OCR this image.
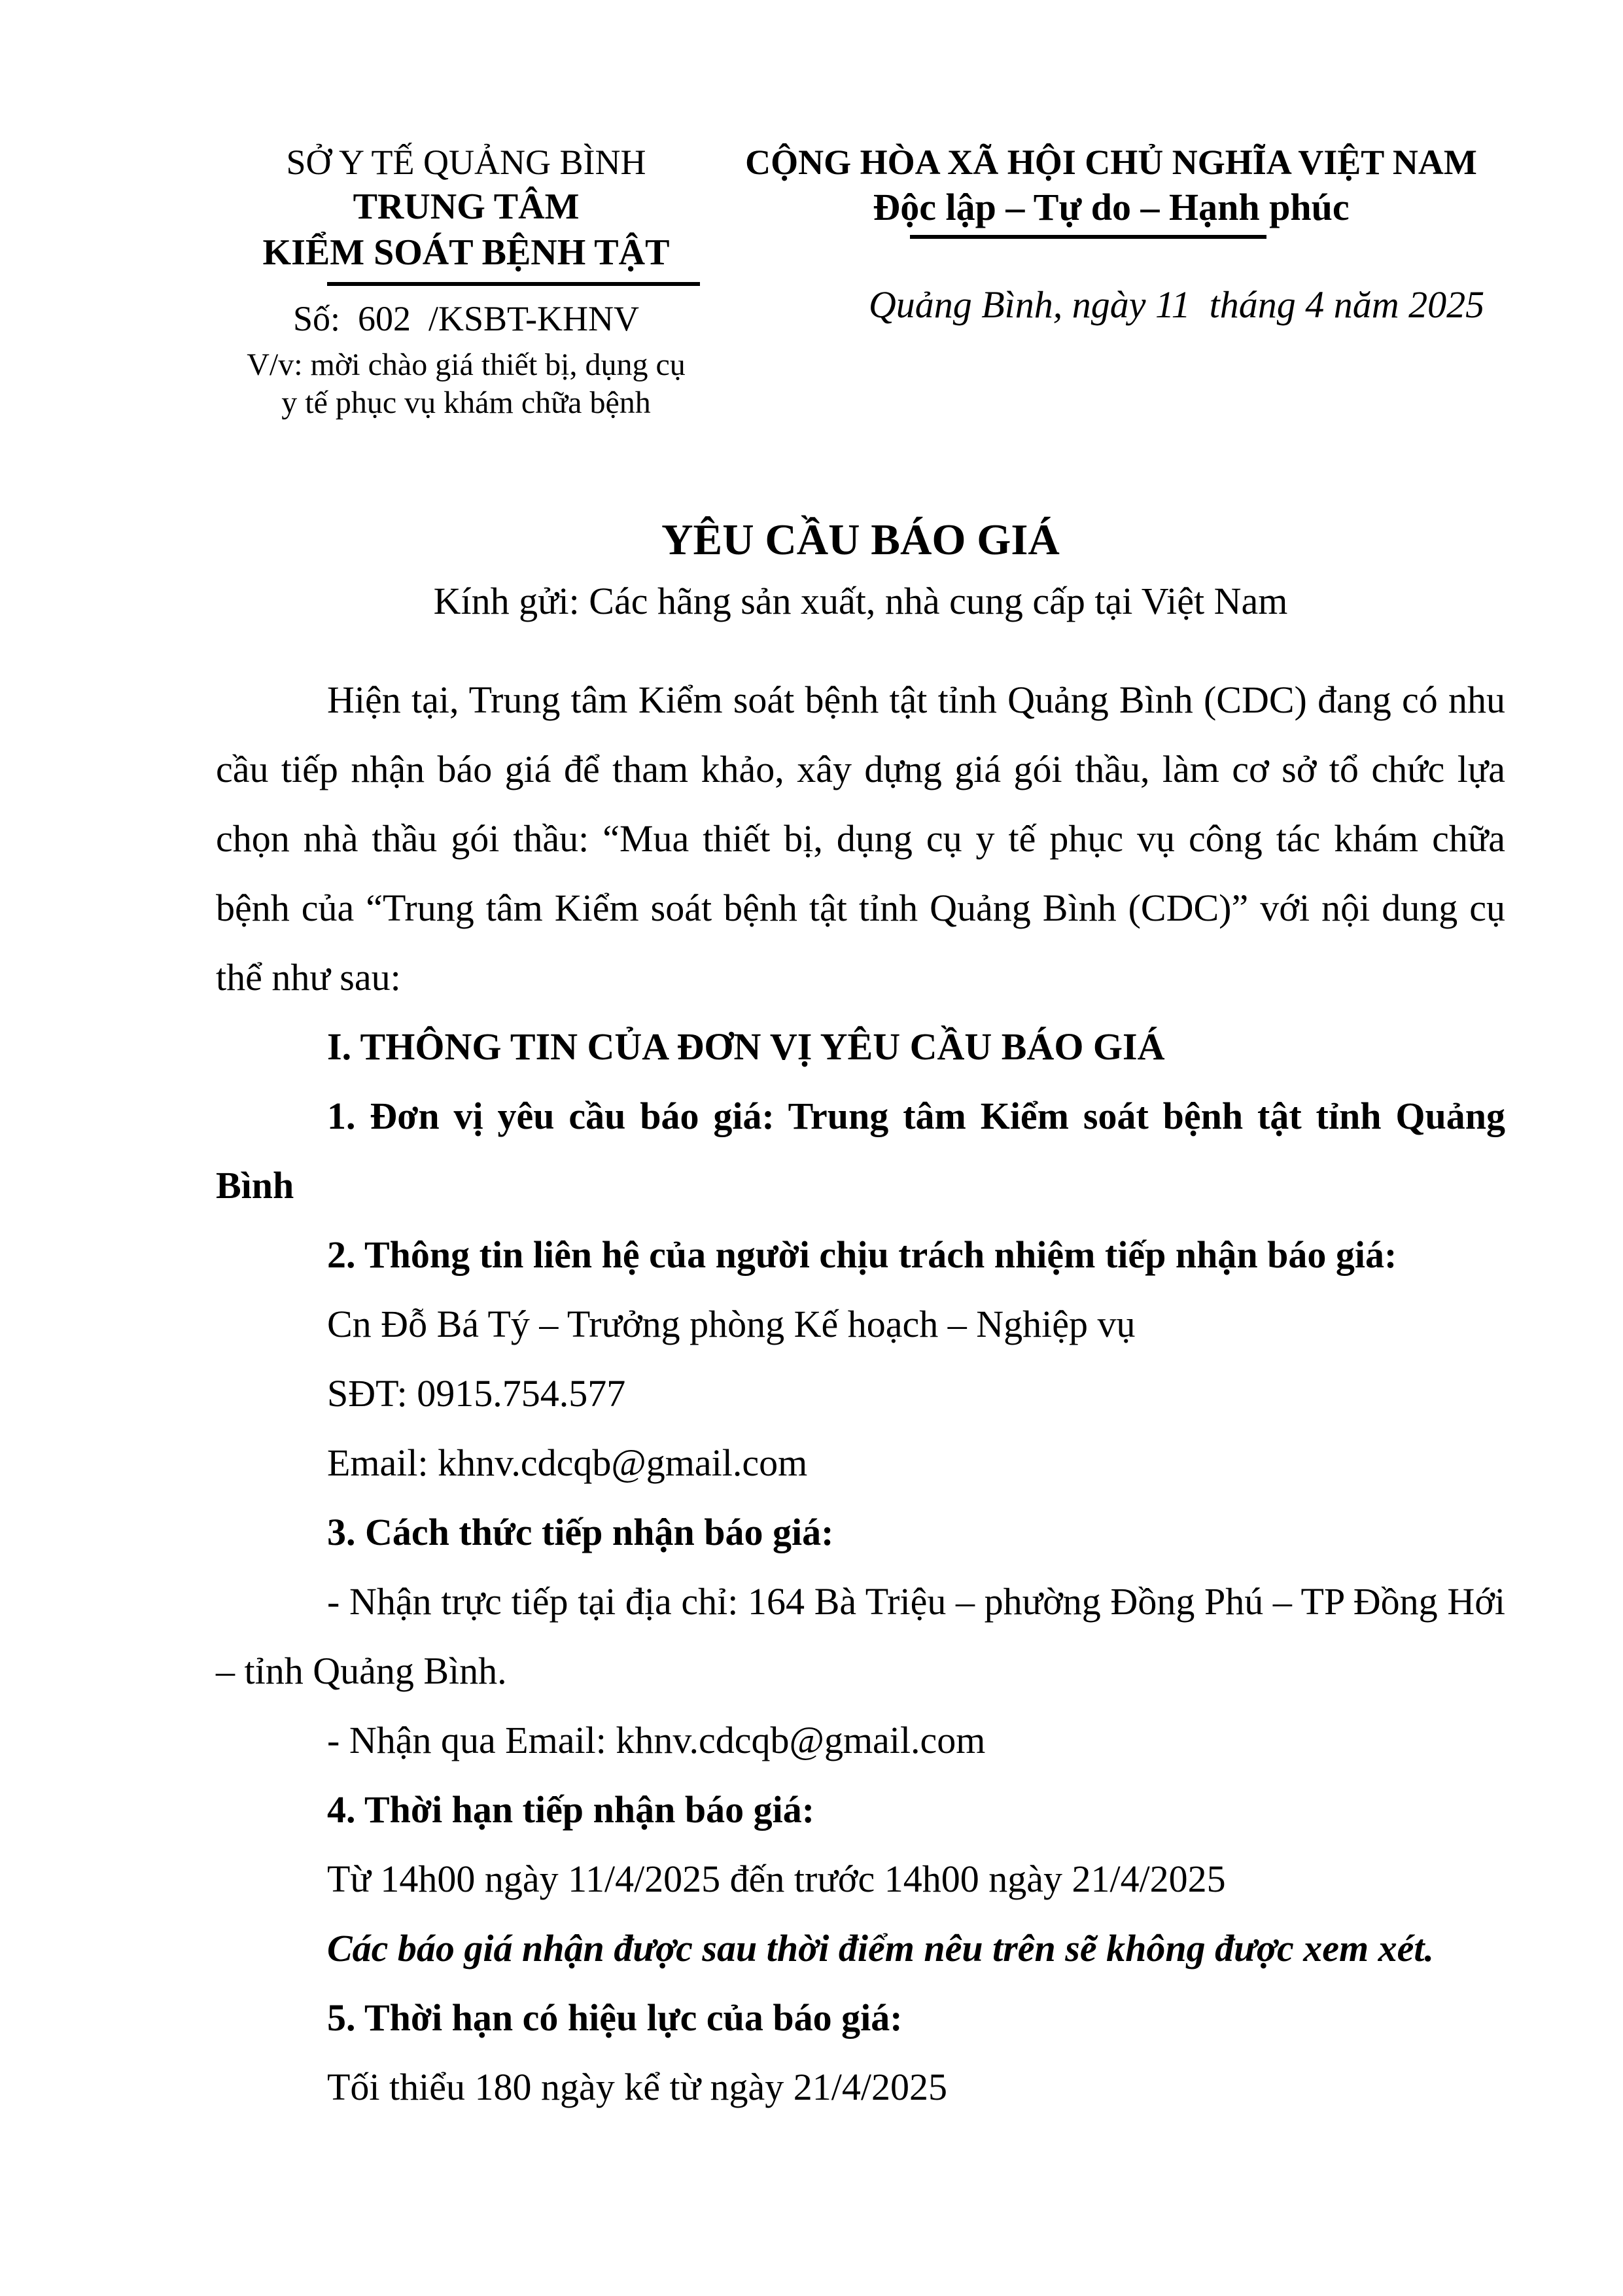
SỞ Y TẾ QUẢNG BÌNH
TRUNG TÂM
KIỂM SOÁT BỆNH TẬT
Số:  602  /KSBT-KHNV
V/v: mời chào giá thiết bị, dụng cụ
y tế phục vụ khám chữa bệnh
CỘNG HÒA XÃ HỘI CHỦ NGHĨA VIỆT NAM
Độc lập – Tự do – Hạnh phúc
Quảng Bình, ngày 11  tháng 4 năm 2025
YÊU CẦU BÁO GIÁ
Kính gửi: Các hãng sản xuất, nhà cung cấp tại Việt Nam

Hiện tại, Trung tâm Kiểm soát bệnh tật tỉnh Quảng Bình (CDC) đang có nhu cầu tiếp nhận báo giá để tham khảo, xây dựng giá gói thầu, làm cơ sở tổ chức lựa chọn nhà thầu gói thầu: “Mua thiết bị, dụng cụ y tế phục vụ công tác khám chữa bệnh của “Trung tâm Kiểm soát bệnh tật tỉnh Quảng Bình (CDC)” với nội dung cụ thể như sau:

I. THÔNG TIN CỦA ĐƠN VỊ YÊU CẦU BÁO GIÁ

1. Đơn vị yêu cầu báo giá: Trung tâm Kiểm soát bệnh tật tỉnh Quảng Bình

2. Thông tin liên hệ của người chịu trách nhiệm tiếp nhận báo giá:

Cn Đỗ Bá Tý – Trưởng phòng Kế hoạch – Nghiệp vụ

SĐT: 0915.754.577

Email: khnv.cdcqb@gmail.com

3. Cách thức tiếp nhận báo giá:

- Nhận trực tiếp tại địa chỉ: 164 Bà Triệu – phường Đồng Phú – TP Đồng Hới – tỉnh Quảng Bình.

- Nhận qua Email: khnv.cdcqb@gmail.com

4. Thời hạn tiếp nhận báo giá:

Từ 14h00 ngày 11/4/2025 đến trước 14h00 ngày 21/4/2025

Các báo giá nhận được sau thời điểm nêu trên sẽ không được xem xét.

5. Thời hạn có hiệu lực của báo giá:

Tối thiểu 180 ngày kể từ ngày 21/4/2025
